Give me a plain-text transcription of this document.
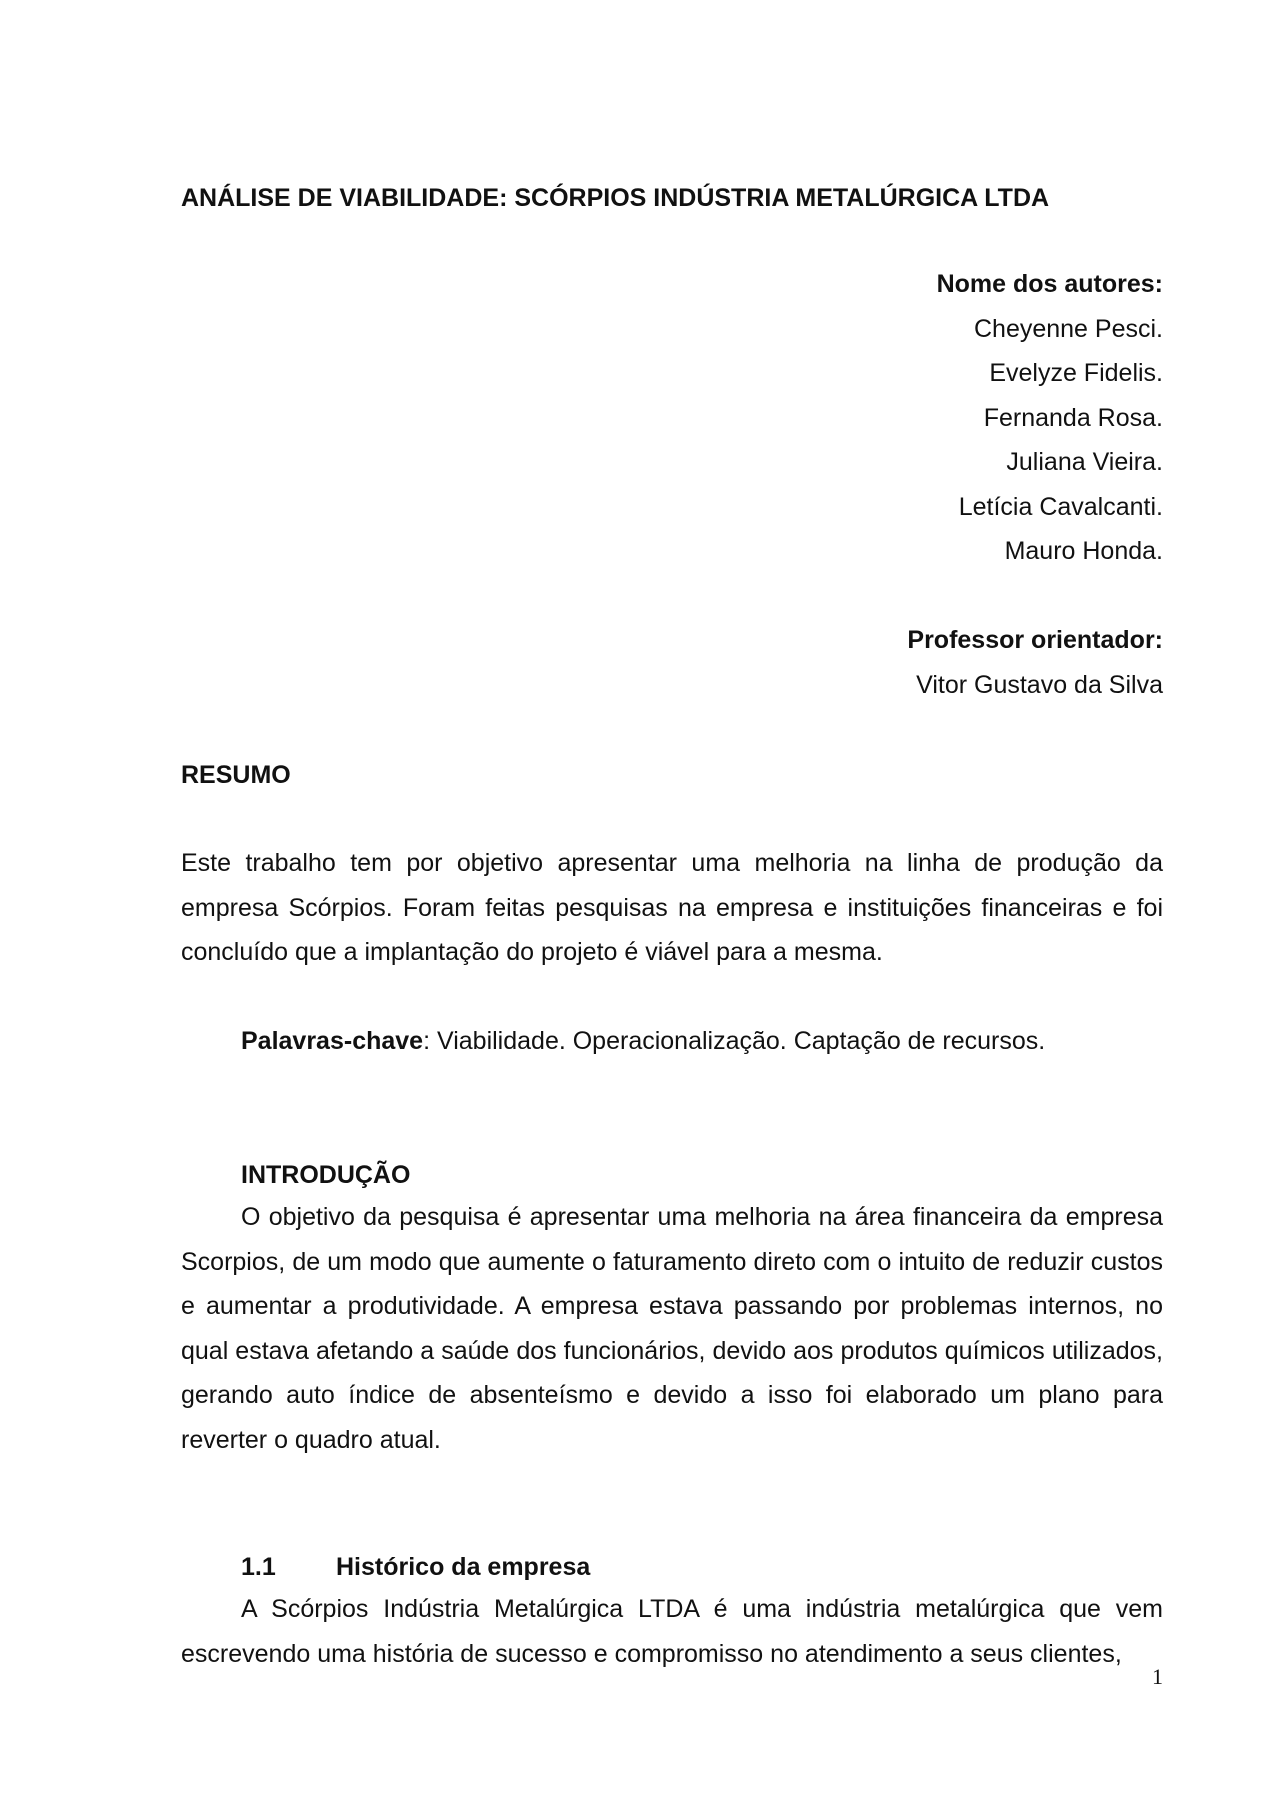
ANÁLISE DE VIABILIDADE: SCÓRPIOS INDÚSTRIA METALÚRGICA LTDA
Nome dos autores:
Cheyenne Pesci.
Evelyze Fidelis.
Fernanda Rosa.
Juliana Vieira.
Letícia Cavalcanti.
Mauro Honda.
Professor orientador:
Vitor Gustavo da Silva
RESUMO
Este trabalho tem por objetivo apresentar uma melhoria na linha de produção da empresa Scórpios. Foram feitas pesquisas na empresa e instituições financeiras e foi concluído que a implantação do projeto é viável para a mesma.
Palavras-chave: Viabilidade. Operacionalização. Captação de recursos.
INTRODUÇÃO
O objetivo da pesquisa é apresentar uma melhoria na área financeira da empresa Scorpios, de um modo que aumente o faturamento direto com o intuito de reduzir custos e aumentar a produtividade. A empresa estava passando por problemas internos, no qual estava afetando a saúde dos funcionários, devido aos produtos químicos utilizados, gerando auto índice de absenteísmo e devido a isso foi elaborado um plano para reverter o quadro atual.
1.1 Histórico da empresa
A Scórpios Indústria Metalúrgica LTDA é uma indústria metalúrgica que vem escrevendo uma história de sucesso e compromisso no atendimento a seus clientes,
1
